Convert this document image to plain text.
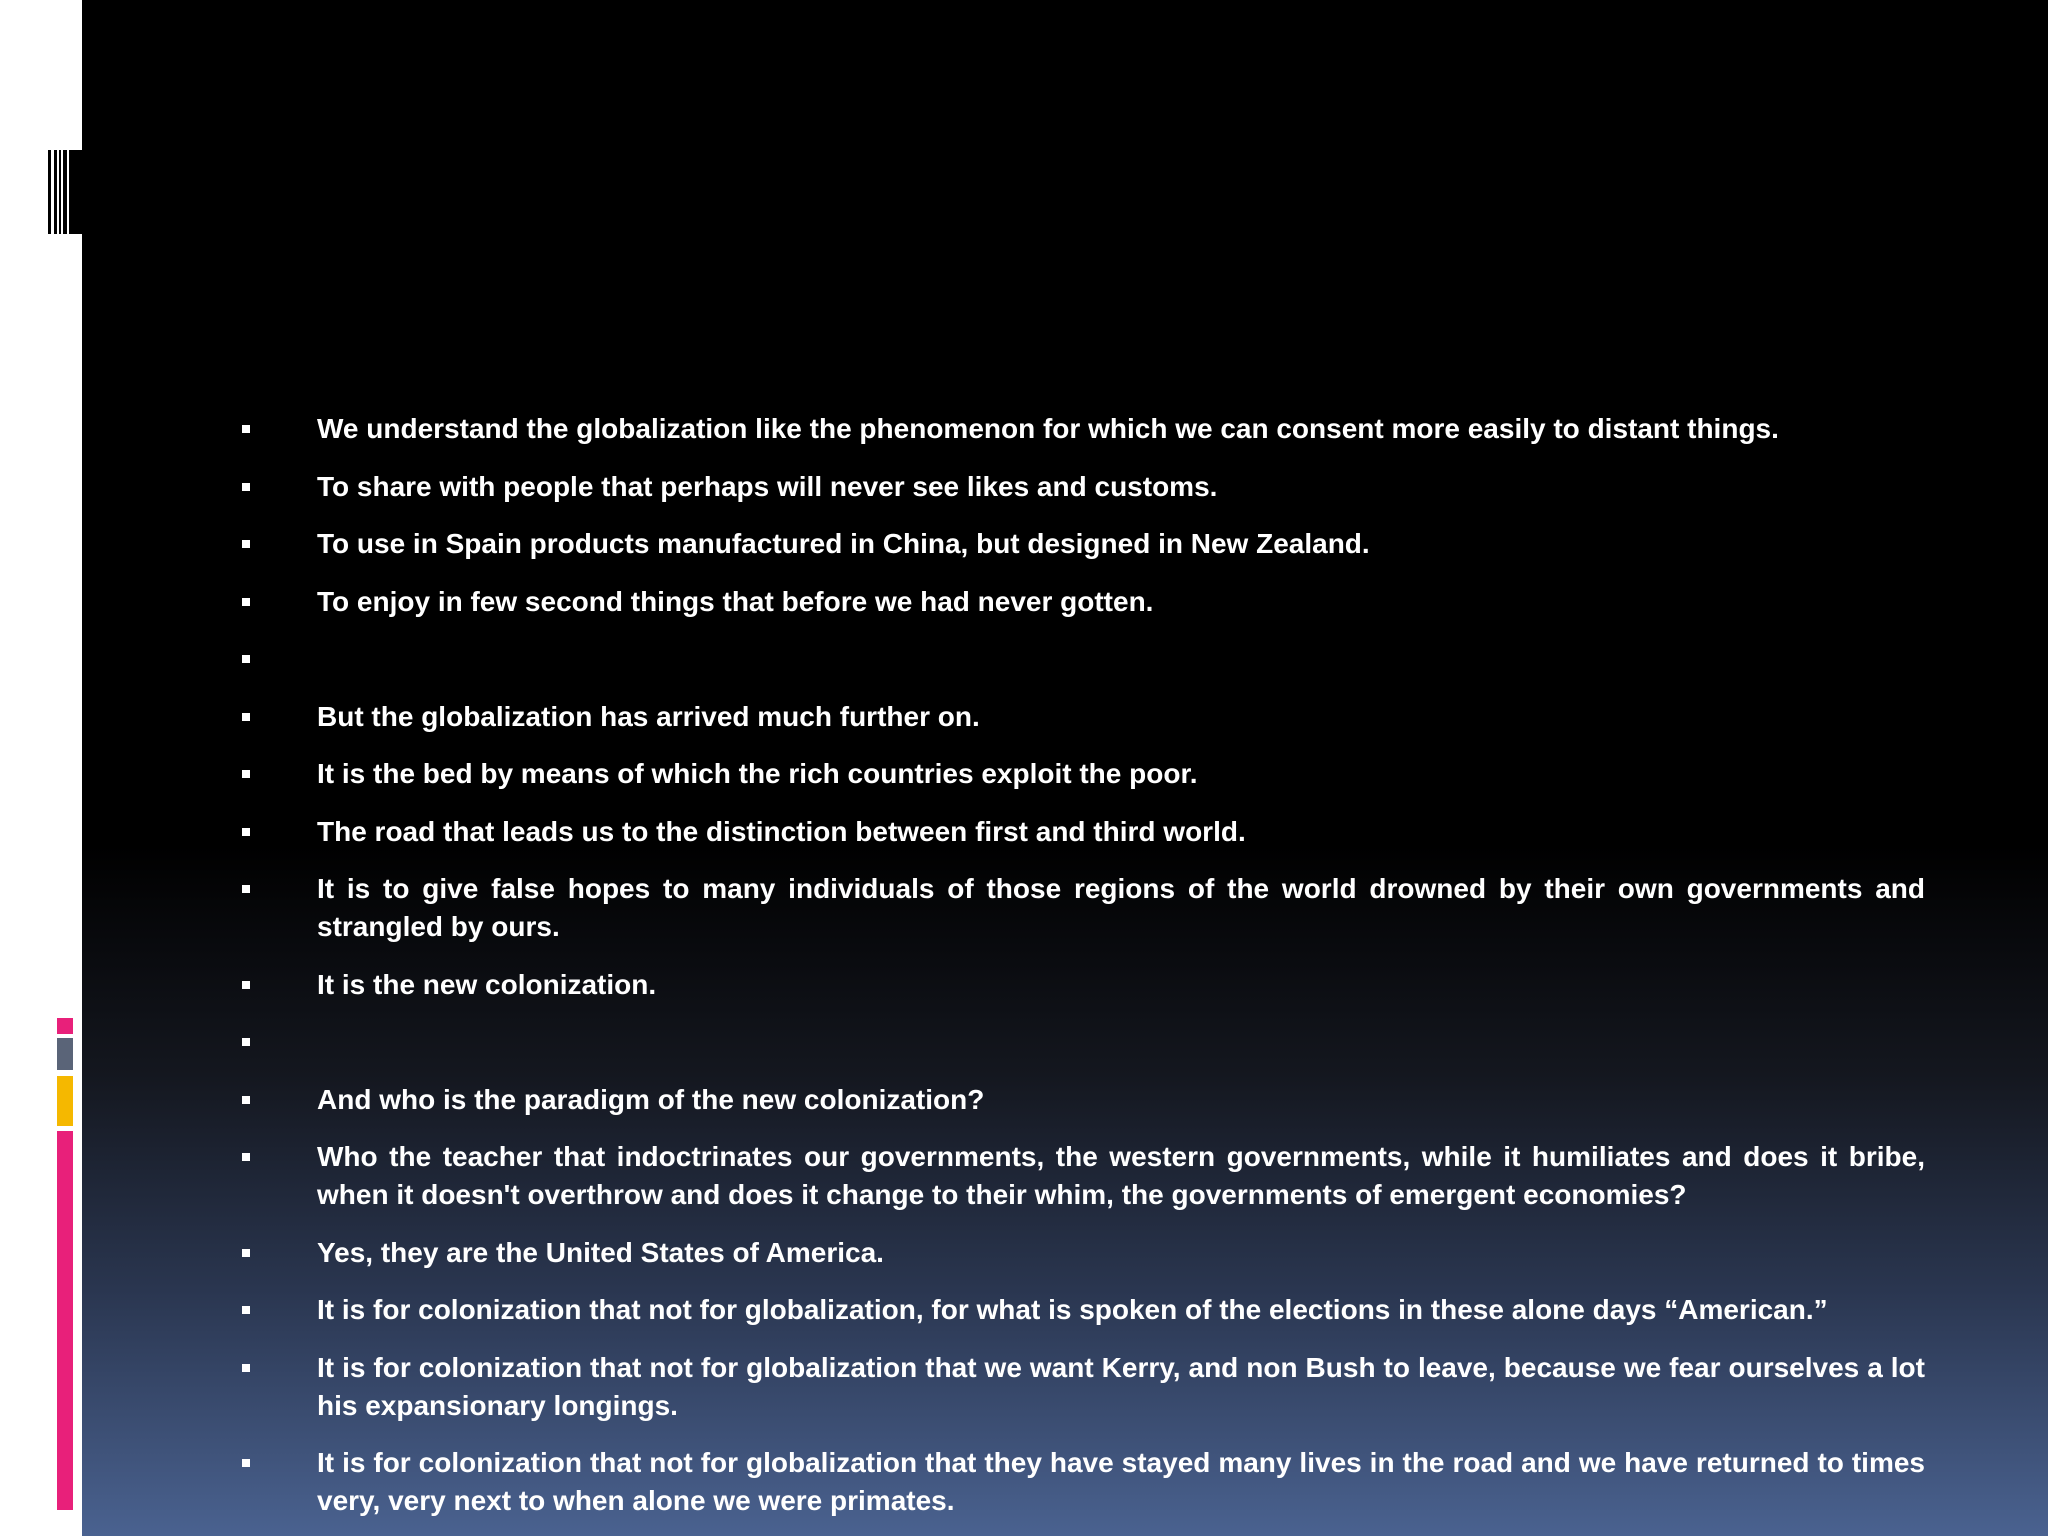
We understand the globalization like the phenomenon for which we can consent more easily to distant things.
To share with people that perhaps will never see likes and customs.
To use in Spain products manufactured in China, but designed in New Zealand.
To enjoy in few second things that before we had never gotten.
But the globalization has arrived much further on.
It is the bed by means of which the rich countries exploit the poor.
The road that leads us to the distinction between first and third world.
It is to give false hopes to many individuals of those regions of the world drowned by their own governments and strangled by ours.
It is the new colonization.
And who is the paradigm of the new colonization?
Who the teacher that indoctrinates our governments, the western governments, while it humiliates and does it bribe, when it doesn't overthrow and does it change to their whim, the governments of emergent economies?
Yes, they are the United States of America.
It is for colonization that not for globalization, for what is spoken of the elections in these alone days “American.”
It is for colonization that not for globalization that we want Kerry, and non Bush to leave, because we fear ourselves a lot his expansionary longings.
It is for colonization that not for globalization that they have stayed many lives in the road and we have returned to times very, very next to when alone we were primates.
